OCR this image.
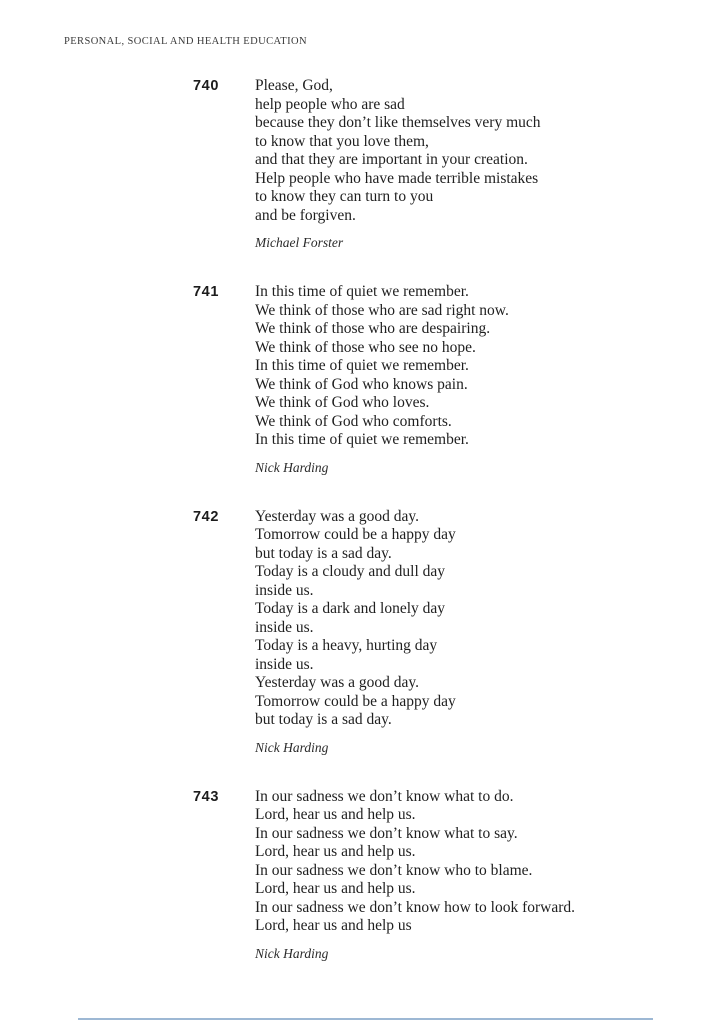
PERSONAL, SOCIAL AND HEALTH EDUCATION
740	Please, God,
help people who are sad
because they don’t like themselves very much
to know that you love them,
and that they are important in your creation.
Help people who have made terrible mistakes
to know they can turn to you
and be forgiven.
Michael Forster
741	In this time of quiet we remember.
We think of those who are sad right now.
We think of those who are despairing.
We think of those who see no hope.
In this time of quiet we remember.
We think of God who knows pain.
We think of God who loves.
We think of God who comforts.
In this time of quiet we remember.
Nick Harding
742	Yesterday was a good day.
Tomorrow could be a happy day
but today is a sad day.
Today is a cloudy and dull day
inside us.
Today is a dark and lonely day
inside us.
Today is a heavy, hurting day
inside us.
Yesterday was a good day.
Tomorrow could be a happy day
but today is a sad day.
Nick Harding
743	In our sadness we don’t know what to do.
Lord, hear us and help us.
In our sadness we don’t know what to say.
Lord, hear us and help us.
In our sadness we don’t know who to blame.
Lord, hear us and help us.
In our sadness we don’t know how to look forward.
Lord, hear us and help us
Nick Harding
